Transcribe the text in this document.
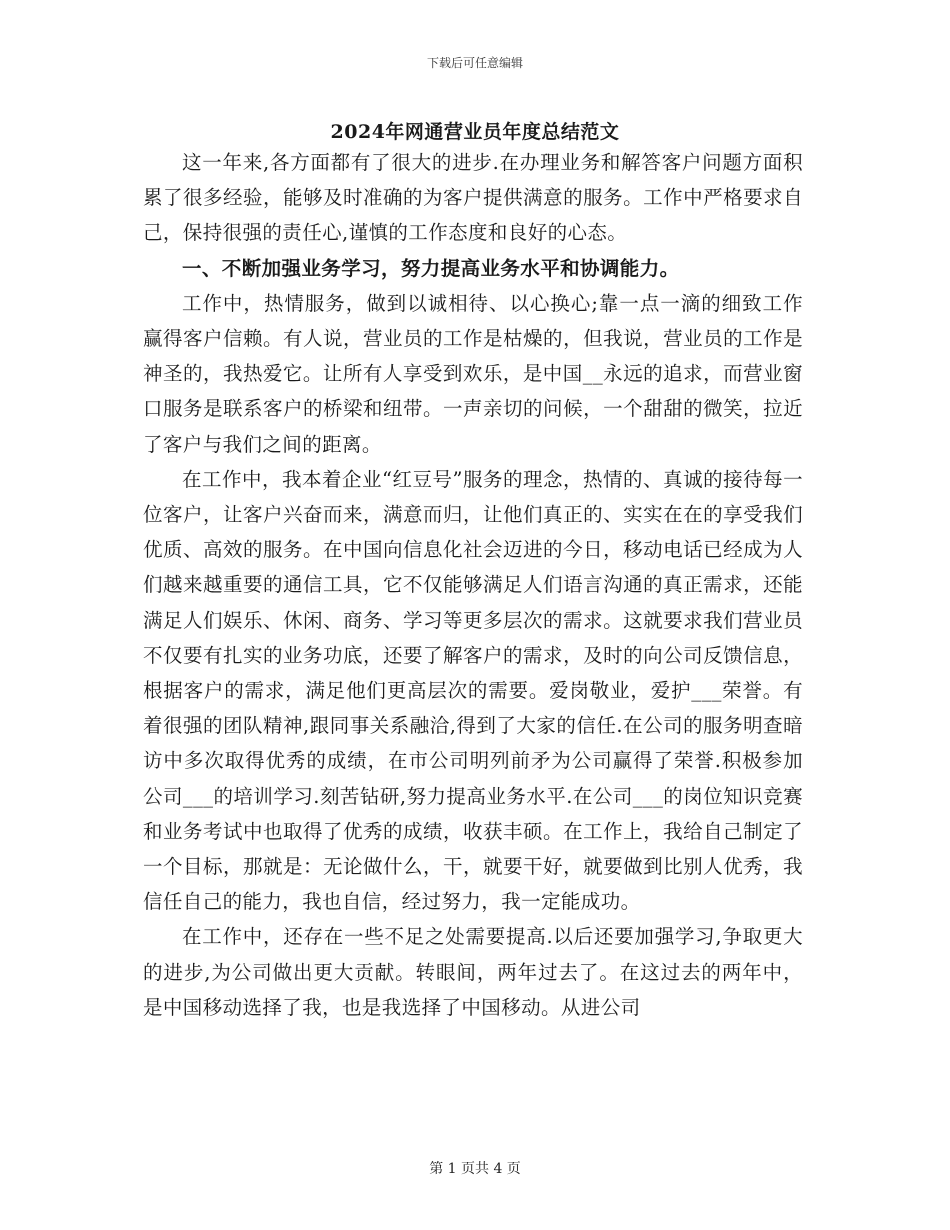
下载后可任意编辑
2024年网通营业员年度总结范文

这一年来,各方面都有了很大的进步.在办理业务和解答客户问题方面积累了很多经验，能够及时准确的为客户提供满意的服务。工作中严格要求自己，保持很强的责任心,谨慎的工作态度和良好的心态。

一、不断加强业务学习，努力提高业务水平和协调能力。

工作中，热情服务，做到以诚相待、以心换心;靠一点一滴的细致工作赢得客户信赖。有人说，营业员的工作是枯燥的，但我说，营业员的工作是神圣的，我热爱它。让所有人享受到欢乐，是中国__永远的追求，而营业窗口服务是联系客户的桥梁和纽带。一声亲切的问候，一个甜甜的微笑，拉近了客户与我们之间的距离。

在工作中，我本着企业“红豆号”服务的理念，热情的、真诚的接待每一位客户，让客户兴奋而来，满意而归，让他们真正的、实实在在的享受我们优质、高效的服务。在中国向信息化社会迈进的今日，移动电话已经成为人们越来越重要的通信工具，它不仅能够满足人们语言沟通的真正需求，还能满足人们娱乐、休闲、商务、学习等更多层次的需求。这就要求我们营业员不仅要有扎实的业务功底，还要了解客户的需求，及时的向公司反馈信息，根据客户的需求，满足他们更高层次的需要。爱岗敬业，爱护___荣誉。有着很强的团队精神,跟同事关系融洽,得到了大家的信任.在公司的服务明查暗访中多次取得优秀的成绩，在市公司明列前矛为公司赢得了荣誉.积极参加公司___的培训学习.刻苦钻研,努力提高业务水平.在公司___的岗位知识竞赛和业务考试中也取得了优秀的成绩，收获丰硕。在工作上，我给自己制定了一个目标，那就是：无论做什么，干，就要干好，就要做到比别人优秀，我信任自己的能力，我也自信，经过努力，我一定能成功。

在工作中，还存在一些不足之处需要提高.以后还要加强学习,争取更大的进步,为公司做出更大贡献。转眼间，两年过去了。在这过去的两年中，是中国移动选择了我，也是我选择了中国移动。从进公司

第 1 页共 4 页
